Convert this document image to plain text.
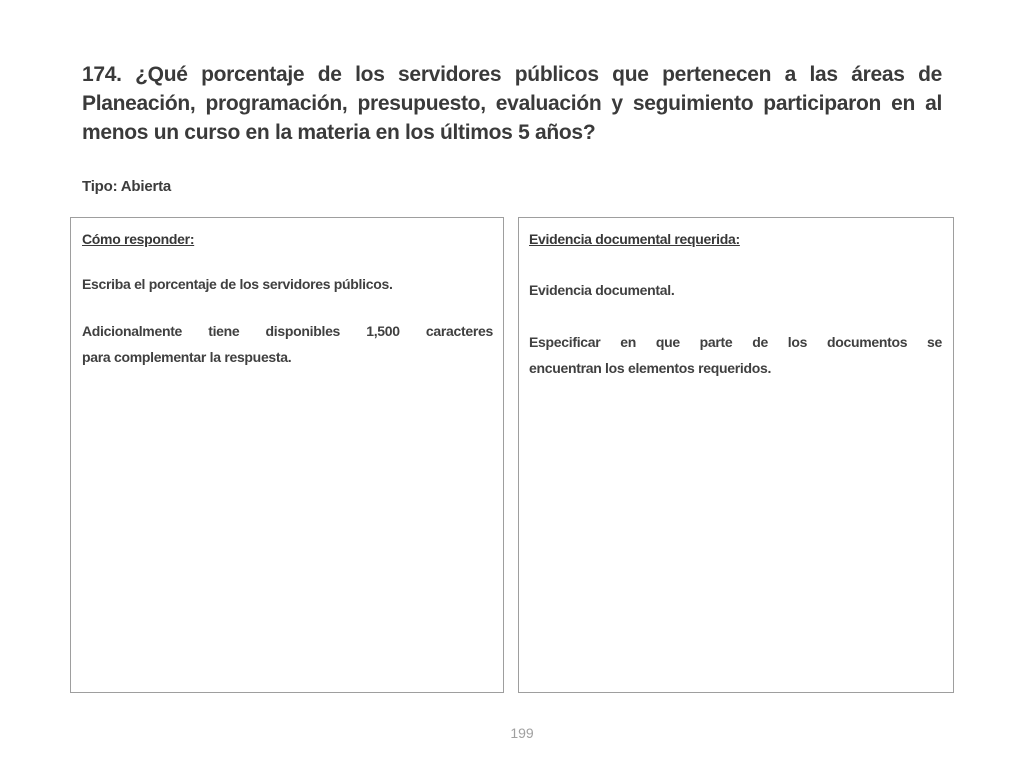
174. ¿Qué porcentaje de los servidores públicos que pertenecen a las áreas de
Planeación, programación, presupuesto, evaluación y seguimiento participaron en al
menos un curso en la materia en los últimos 5 años?
Tipo: Abierta
Cómo responder:
Escriba el porcentaje de los servidores públicos.
Adicionalmente tiene disponibles 1,500 caracteres
para complementar la respuesta.
Evidencia documental requerida:
Evidencia documental.
Especificar en que parte de los documentos se
encuentran los elementos requeridos.
199
